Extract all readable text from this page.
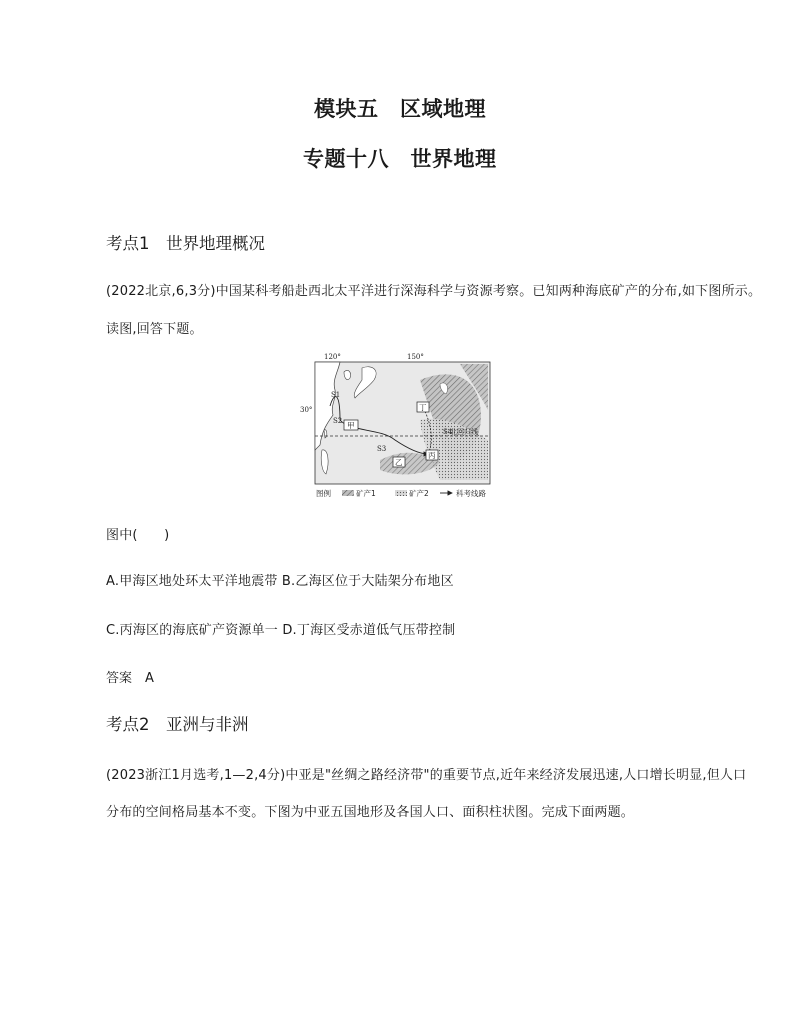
模块五　区域地理
专题十八　世界地理
考点1　世界地理概况
(2022北京,6,3分)中国某科考船赴西北太平洋进行深海科学与资源考察。已知两种海底矿产的分布,如下图所示。
读图,回答下题。
120°	150°
30°
北回归线
S1
S2
S3
S4
甲
乙
丙
丁
图例	矿产1	矿产2	科考线路
图中(　　)
A.甲海区地处环太平洋地震带 B.乙海区位于大陆架分布地区
C.丙海区的海底矿产资源单一 D.丁海区受赤道低气压带控制
答案　A
考点2　亚洲与非洲
(2023浙江1月选考,1—2,4分)中亚是"丝绸之路经济带"的重要节点,近年来经济发展迅速,人口增长明显,但人口
分布的空间格局基本不变。下图为中亚五国地形及各国人口、面积柱状图。完成下面两题。
